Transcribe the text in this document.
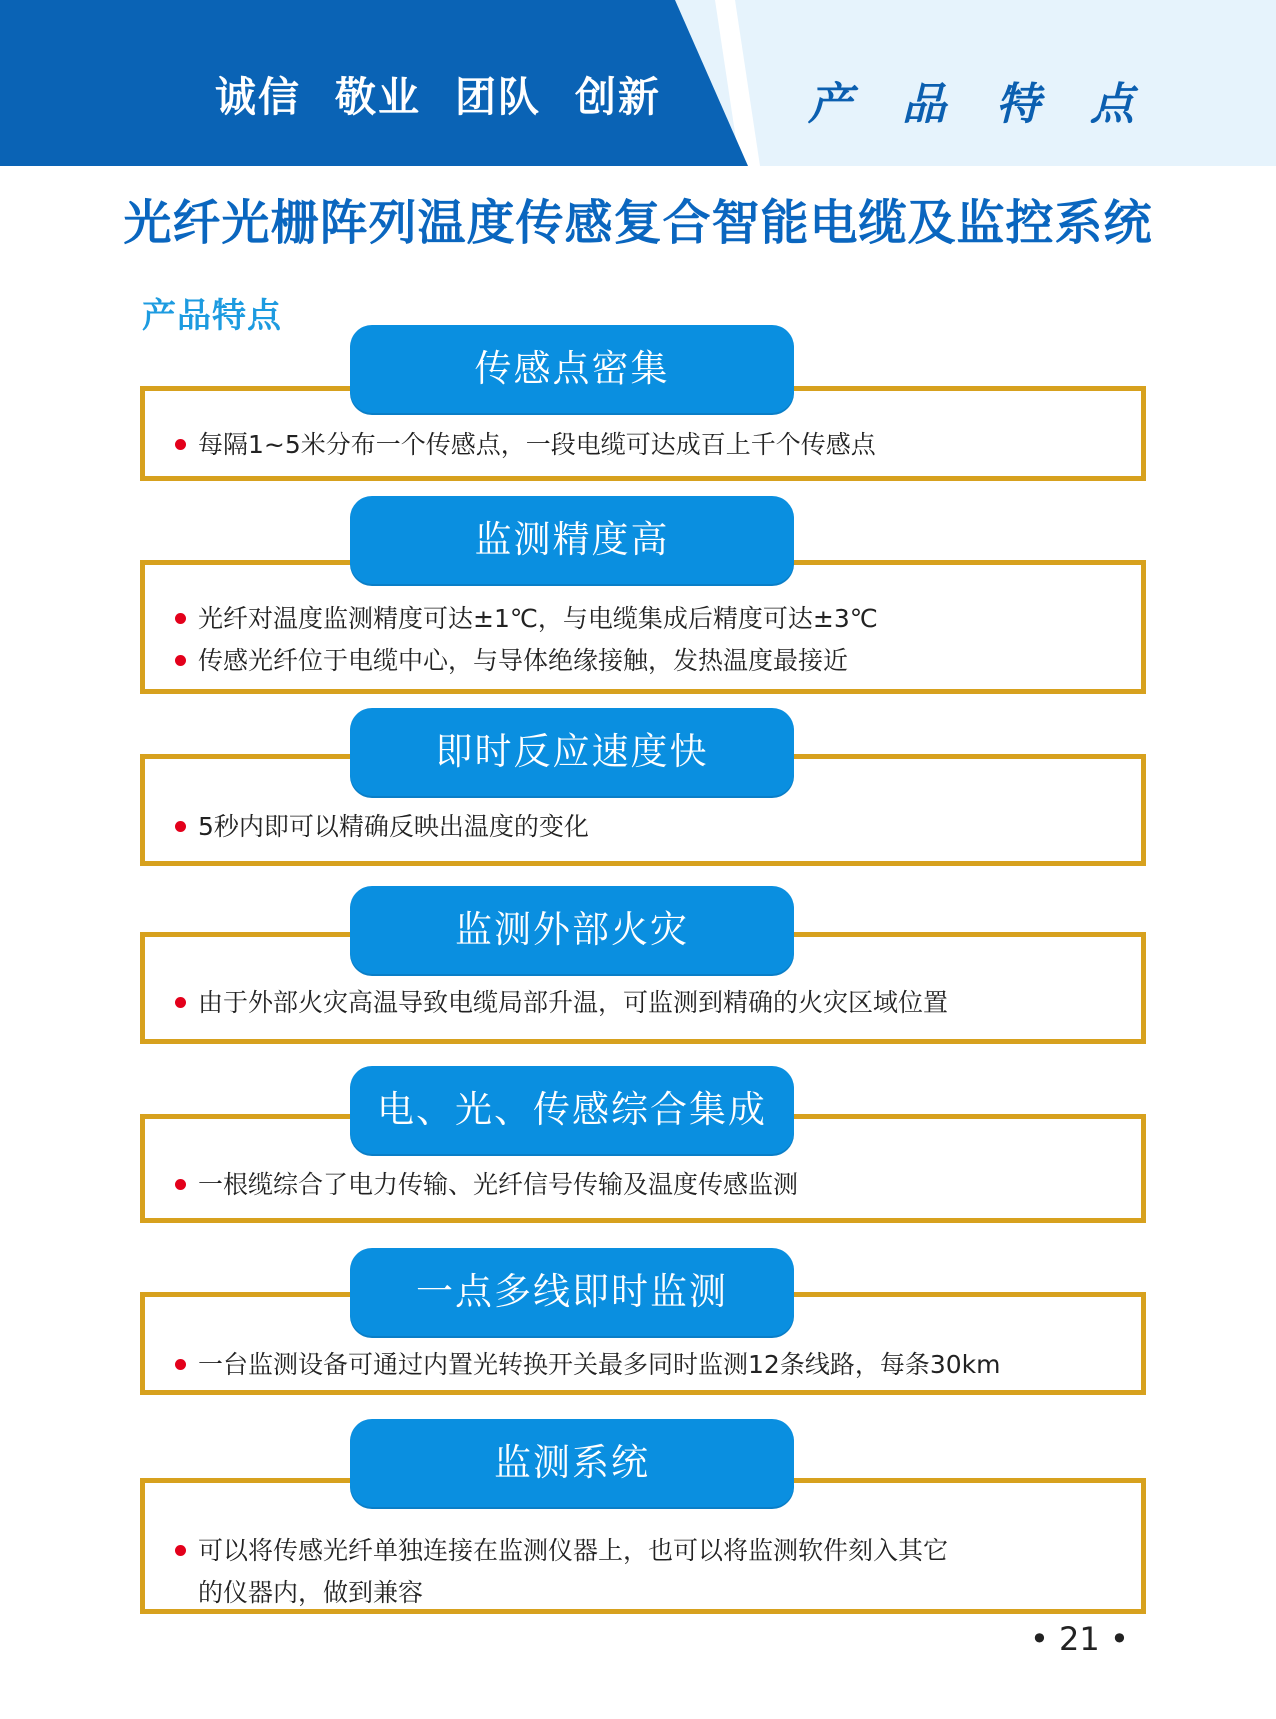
诚信 敬业 团队 创新	产品特点
光纤光栅阵列温度传感复合智能电缆及监控系统
产品特点
每隔1~5米分布一个传感点，一段电缆可达成百上千个传感点
传感点密集
光纤对温度监测精度可达±1℃，与电缆集成后精度可达±3℃
传感光纤位于电缆中心，与导体绝缘接触，发热温度最接近
监测精度高
5秒内即可以精确反映出温度的变化
即时反应速度快
由于外部火灾高温导致电缆局部升温，可监测到精确的火灾区域位置
监测外部火灾
一根缆综合了电力传输、光纤信号传输及温度传感监测
电、光、传感综合集成
一台监测设备可通过内置光转换开关最多同时监测12条线路，每条30km
一点多线即时监测
可以将传感光纤单独连接在监测仪器上，也可以将监测软件刻入其它
的仪器内，做到兼容
监测系统
• 21 •
